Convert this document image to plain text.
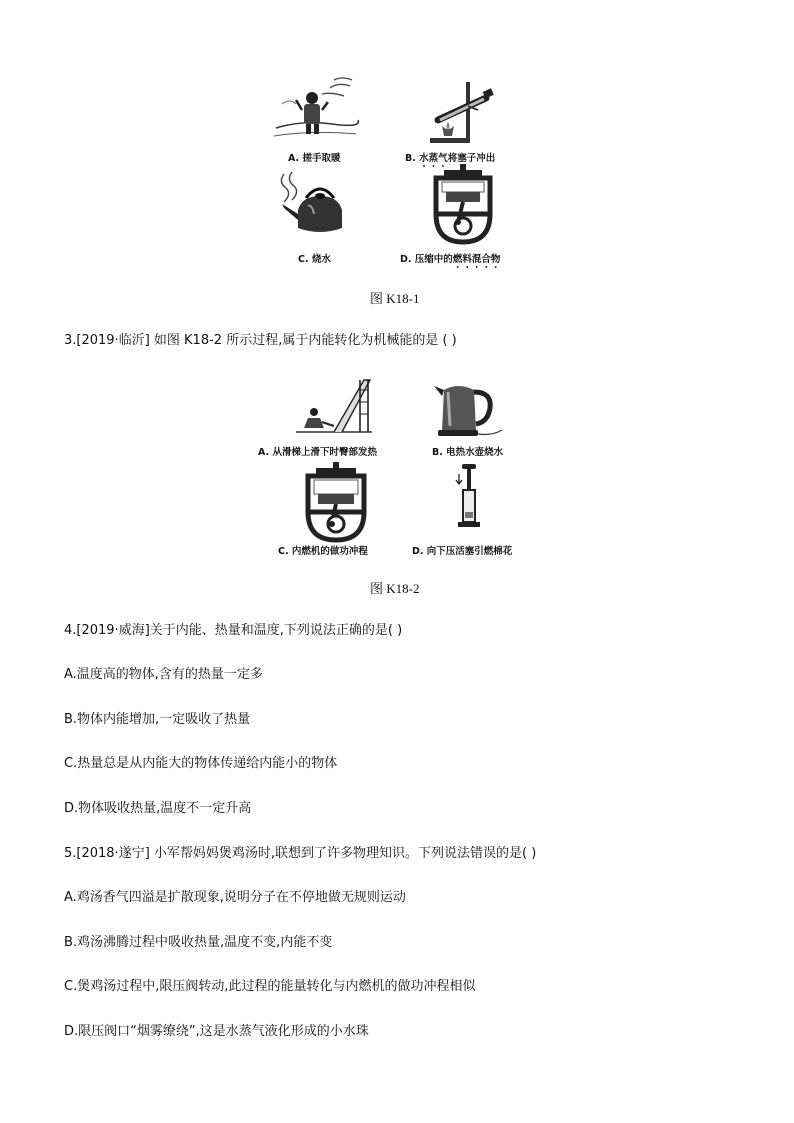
A. 搓手取暖	B. 水蒸气将塞子冲出
C. 烧水	D. 压缩中的燃料混合物
图 K18-1
3.[2019·临沂] 如图 K18-2 所示过程,属于内能转化为机械能的是 ( )
A. 从滑梯上滑下时臀部发热	B. 电热水壶烧水
C. 内燃机的做功冲程	D. 向下压活塞引燃棉花
图 K18-2
4.[2019·威海]关于内能、热量和温度,下列说法正确的是( )
A.温度高的物体,含有的热量一定多
B.物体内能增加,一定吸收了热量
C.热量总是从内能大的物体传递给内能小的物体
D.物体吸收热量,温度不一定升高
5.[2018·遂宁] 小军帮妈妈煲鸡汤时,联想到了许多物理知识。下列说法错误的是( )
A.鸡汤香气四溢是扩散现象,说明分子在不停地做无规则运动
B.鸡汤沸腾过程中吸收热量,温度不变,内能不变
C.煲鸡汤过程中,限压阀转动,此过程的能量转化与内燃机的做功冲程相似
D.限压阀口“烟雾缭绕”,这是水蒸气液化形成的小水珠
